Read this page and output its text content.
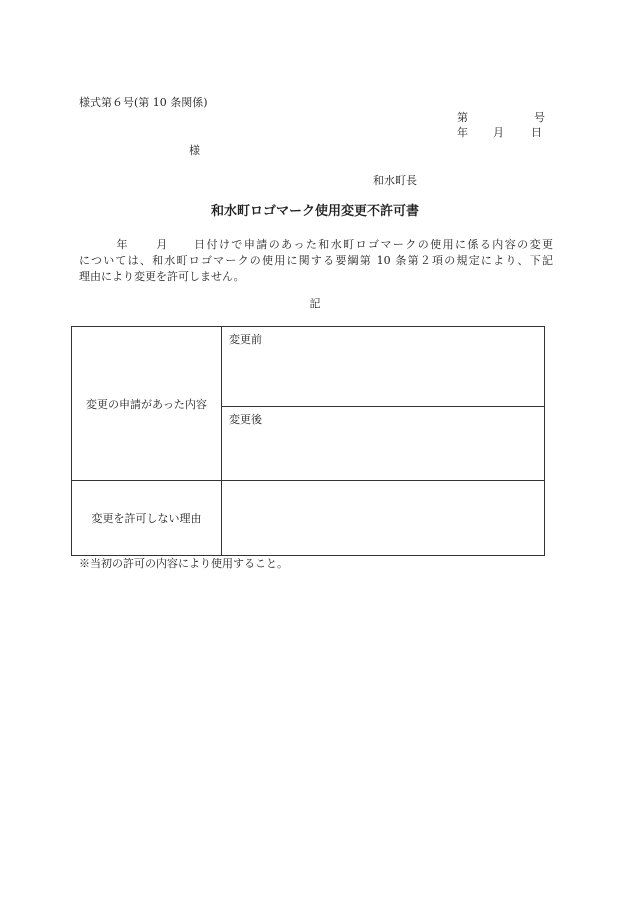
様式第６号(第 10 条関係)
第	号
年	月	日
様
和水町長
和水町ロゴマーク使用変更不許可書
年 月 日付けで申請のあった和水町ロゴマークの使用に係る内容の変更
については、和水町ロゴマークの使用に関する要綱第 10 条第２項の規定により、下記
理由により変更を許可しません。
記
変更の申請があった内容	変更前
	変更後
変更を許可しない理由	
※当初の許可の内容により使用すること。
